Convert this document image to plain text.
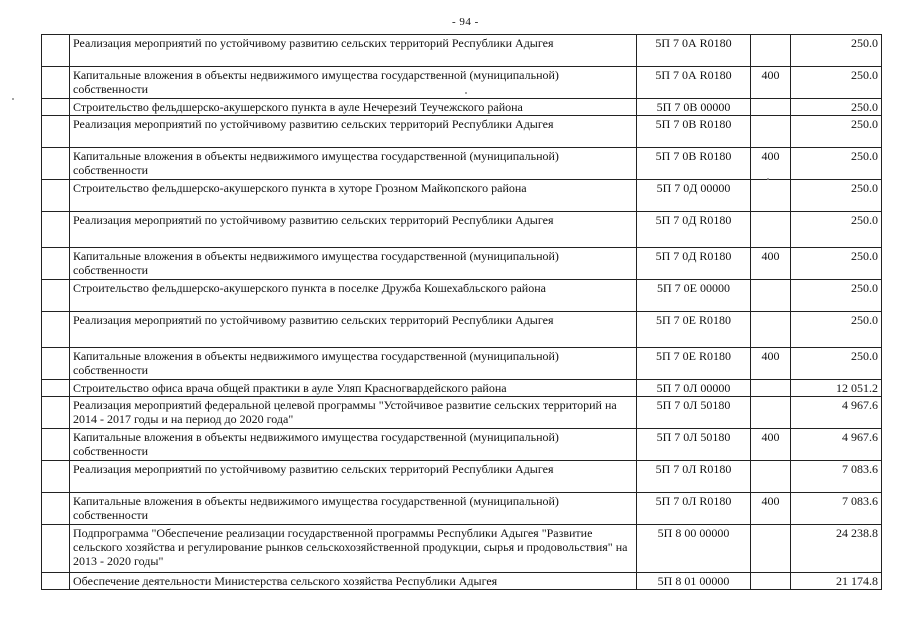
- 94 -
	Реализация мероприятий по устойчивому развитию сельских территорий Республики Адыгея	5П 7 0А R0180		250.0
	Капитальные вложения в объекты недвижимого имущества государственной (муниципальной) собственности	5П 7 0А R0180	400	250.0
	Строительство фельдшерско-акушерского пункта в ауле Нечерезий Теучежского района	5П 7 0В 00000		250.0
	Реализация мероприятий по устойчивому развитию сельских территорий Республики Адыгея	5П 7 0В R0180		250.0
	Капитальные вложения в объекты недвижимого имущества государственной (муниципальной) собственности	5П 7 0В R0180	400	250.0
	Строительство фельдшерско-акушерского пункта в хуторе Грозном Майкопского района	5П 7 0Д 00000		250.0
	Реализация мероприятий по устойчивому развитию сельских территорий Республики Адыгея	5П 7 0Д R0180		250.0
	Капитальные вложения в объекты недвижимого имущества государственной (муниципальной) собственности	5П 7 0Д R0180	400	250.0
	Строительство фельдшерско-акушерского пункта в поселке Дружба Кошехабльского района	5П 7 0Е 00000		250.0
	Реализация мероприятий по устойчивому развитию сельских территорий Республики Адыгея	5П 7 0Е R0180		250.0
	Капитальные вложения в объекты недвижимого имущества государственной (муниципальной) собственности	5П 7 0Е R0180	400	250.0
	Строительство офиса врача общей практики в ауле Уляп Красногвардейского района	5П 7 0Л 00000		12 051.2
	Реализация мероприятий федеральной целевой программы "Устойчивое развитие сельских территорий на 2014 - 2017 годы и на период до 2020 года"	5П 7 0Л 50180		4 967.6
	Капитальные вложения в объекты недвижимого имущества государственной (муниципальной) собственности	5П 7 0Л 50180	400	4 967.6
	Реализация мероприятий по устойчивому развитию сельских территорий Республики Адыгея	5П 7 0Л R0180		7 083.6
	Капитальные вложения в объекты недвижимого имущества государственной (муниципальной) собственности	5П 7 0Л R0180	400	7 083.6
	Подпрограмма "Обеспечение реализации государственной программы Республики Адыгея "Развитие сельского хозяйства и регулирование рынков сельскохозяйственной продукции, сырья и продовольствия" на 2013 - 2020 годы"	5П 8 00 00000		24 238.8
	Обеспечение деятельности Министерства сельского хозяйства Республики Адыгея	5П 8 01 00000		21 174.8
